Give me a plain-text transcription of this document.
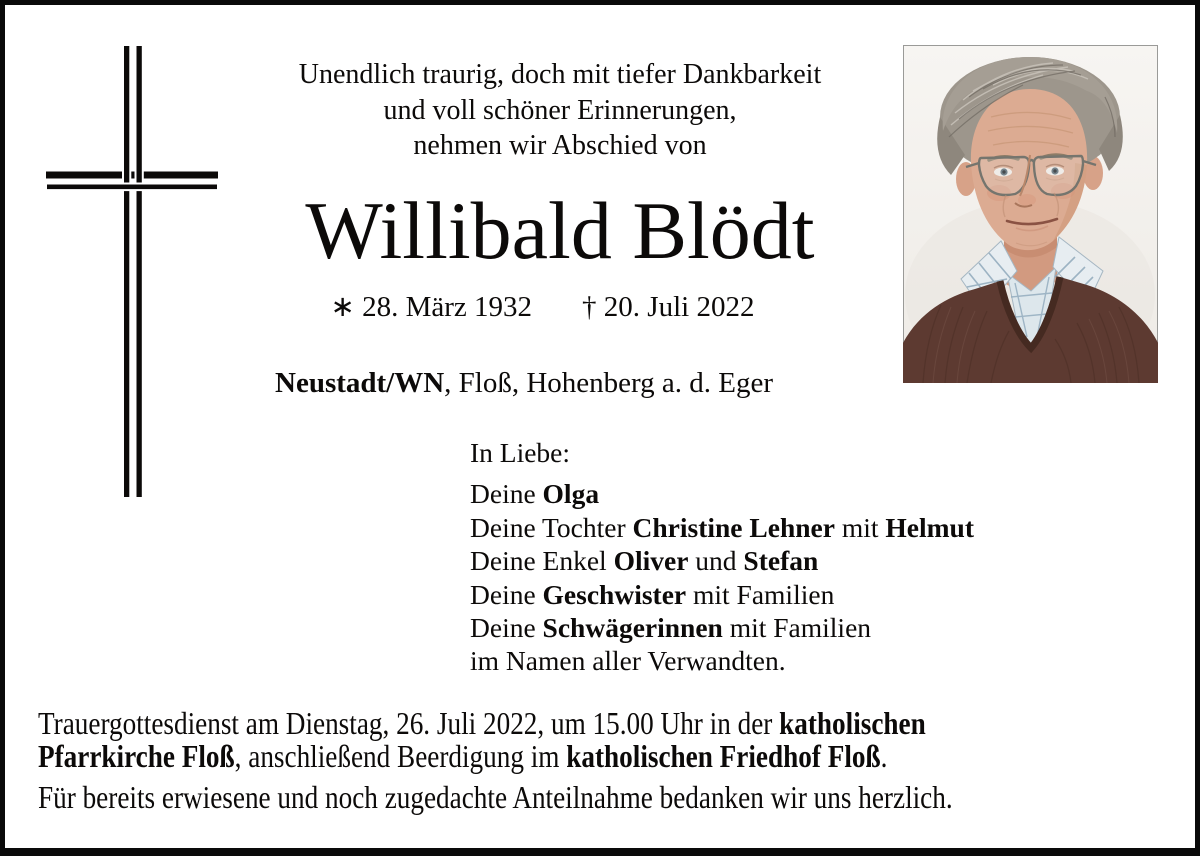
Unendlich traurig, doch mit tiefer Dankbarkeit
und voll schöner Erinnerungen,
nehmen wir Abschied von
Willibald Blödt
∗ 28. März 1932 † 20. Juli 2022
Neustadt/WN, Floß, Hohenberg a. d. Eger
In Liebe:
Deine Olga
Deine Tochter Christine Lehner mit Helmut
Deine Enkel Oliver und Stefan
Deine Geschwister mit Familien
Deine Schwägerinnen mit Familien
im Namen aller Verwandten.
Trauergottesdienst am Dienstag, 26. Juli 2022, um 15.00 Uhr in der katholischen
Pfarrkirche Floß, anschließend Beerdigung im katholischen Friedhof Floß.
Für bereits erwiesene und noch zugedachte Anteilnahme bedanken wir uns herzlich.
